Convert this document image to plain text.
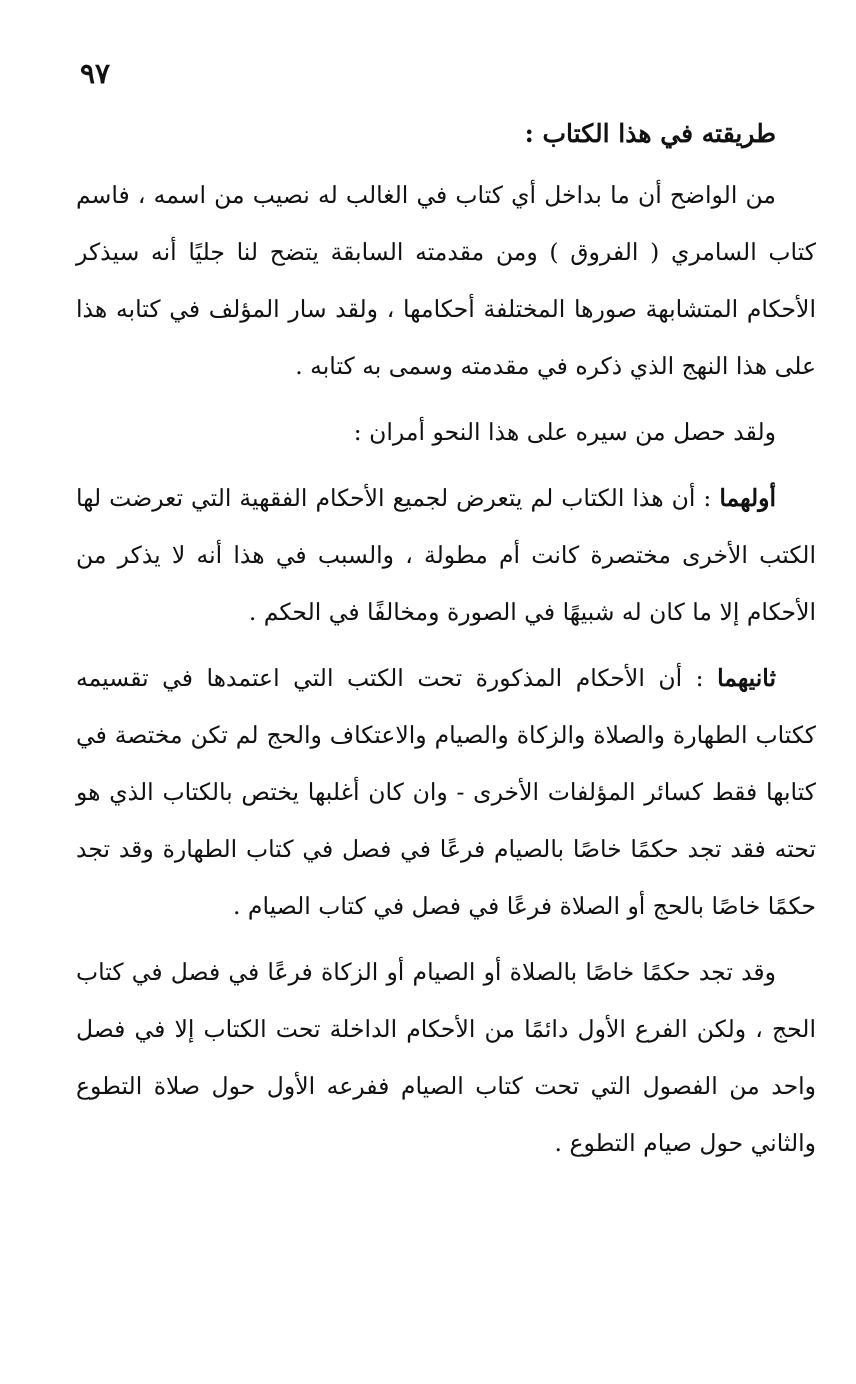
٩٧
طريقته في هذا الكتاب :

من الواضح أن ما بداخل أي كتاب في الغالب له نصيب من اسمه ، فاسم كتاب السامري ( الفروق ) ومن مقدمته السابقة يتضح لنا جليًا أنه سيذكر الأحكام المتشابهة صورها المختلفة أحكامها ، ولقد سار المؤلف في كتابه هذا على هذا النهج الذي ذكره في مقدمته وسمى به كتابه .

ولقد حصل من سيره على هذا النحو أمران :

أولهما : أن هذا الكتاب لم يتعرض لجميع الأحكام الفقهية التي تعرضت لها الكتب الأخرى مختصرة كانت أم مطولة ، والسبب في هذا أنه لا يذكر من الأحكام إلا ما كان له شبيهًا في الصورة ومخالفًا في الحكم .

ثانيهما : أن الأحكام المذكورة تحت الكتب التي اعتمدها في تقسيمه ككتاب الطهارة والصلاة والزكاة والصيام والاعتكاف والحج لم تكن مختصة في كتابها فقط كسائر المؤلفات الأخرى - وان كان أغلبها يختص بالكتاب الذي هو تحته فقد تجد حكمًا خاصًا بالصيام فرعًا في فصل في كتاب الطهارة وقد تجد حكمًا خاصًا بالحج أو الصلاة فرعًا في فصل في كتاب الصيام .

وقد تجد حكمًا خاصًا بالصلاة أو الصيام أو الزكاة فرعًا في فصل في كتاب الحج ، ولكن الفرع الأول دائمًا من الأحكام الداخلة تحت الكتاب إلا في فصل واحد من الفصول التي تحت كتاب الصيام ففرعه الأول حول صلاة التطوع والثاني حول صيام التطوع .
